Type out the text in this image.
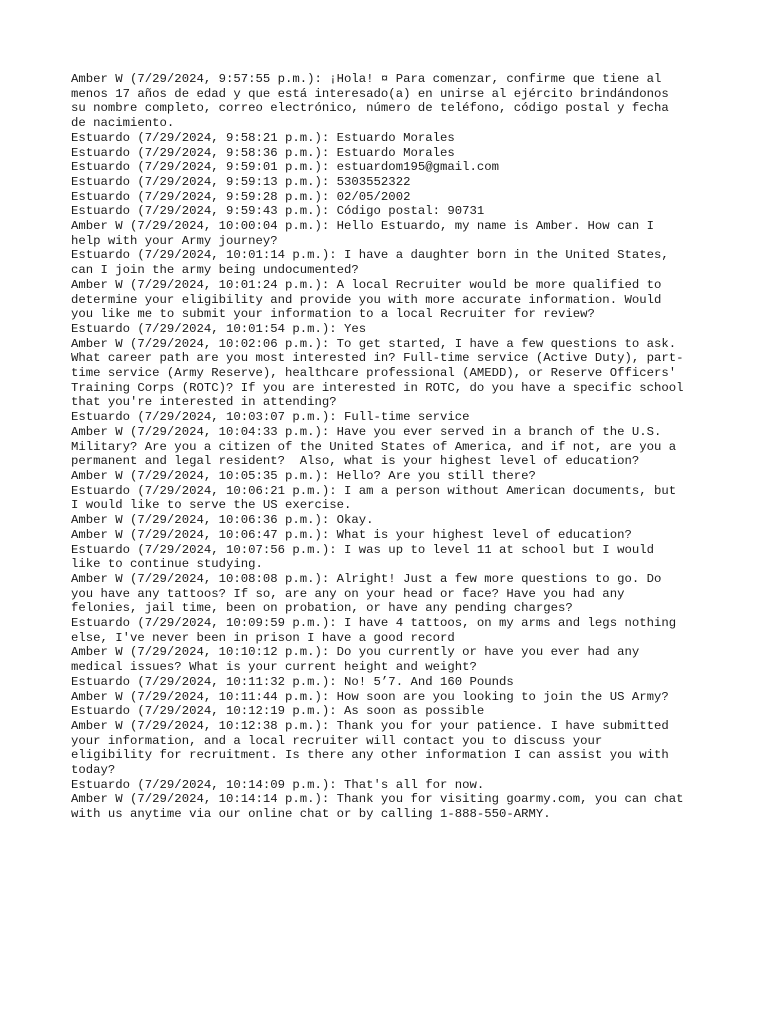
Amber W (7/29/2024, 9:57:55 p.m.): ¡Hola! ¤ Para comenzar, confirme que tiene al
menos 17 años de edad y que está interesado(a) en unirse al ejército brindándonos
su nombre completo, correo electrónico, número de teléfono, código postal y fecha
de nacimiento.

Estuardo (7/29/2024, 9:58:21 p.m.): Estuardo Morales

Estuardo (7/29/2024, 9:58:36 p.m.): Estuardo Morales

Estuardo (7/29/2024, 9:59:01 p.m.): estuardom195@gmail.com

Estuardo (7/29/2024, 9:59:13 p.m.): 5303552322

Estuardo (7/29/2024, 9:59:28 p.m.): 02/05/2002

Estuardo (7/29/2024, 9:59:43 p.m.): Código postal: 90731

Amber W (7/29/2024, 10:00:04 p.m.): Hello Estuardo, my name is Amber. How can I
help with your Army journey?

Estuardo (7/29/2024, 10:01:14 p.m.): I have a daughter born in the United States,
can I join the army being undocumented?

Amber W (7/29/2024, 10:01:24 p.m.): A local Recruiter would be more qualified to
determine your eligibility and provide you with more accurate information. Would
you like me to submit your information to a local Recruiter for review?

Estuardo (7/29/2024, 10:01:54 p.m.): Yes

Amber W (7/29/2024, 10:02:06 p.m.): To get started, I have a few questions to ask.
What career path are you most interested in? Full-time service (Active Duty), part-
time service (Army Reserve), healthcare professional (AMEDD), or Reserve Officers'
Training Corps (ROTC)? If you are interested in ROTC, do you have a specific school
that you're interested in attending?

Estuardo (7/29/2024, 10:03:07 p.m.): Full-time service

Amber W (7/29/2024, 10:04:33 p.m.): Have you ever served in a branch of the U.S.
Military? Are you a citizen of the United States of America, and if not, are you a
permanent and legal resident?  Also, what is your highest level of education?

Amber W (7/29/2024, 10:05:35 p.m.): Hello? Are you still there?

Estuardo (7/29/2024, 10:06:21 p.m.): I am a person without American documents, but
I would like to serve the US exercise.

Amber W (7/29/2024, 10:06:36 p.m.): Okay.

Amber W (7/29/2024, 10:06:47 p.m.): What is your highest level of education?

Estuardo (7/29/2024, 10:07:56 p.m.): I was up to level 11 at school but I would
like to continue studying.

Amber W (7/29/2024, 10:08:08 p.m.): Alright! Just a few more questions to go. Do
you have any tattoos? If so, are any on your head or face? Have you had any
felonies, jail time, been on probation, or have any pending charges?

Estuardo (7/29/2024, 10:09:59 p.m.): I have 4 tattoos, on my arms and legs nothing
else, I've never been in prison I have a good record

Amber W (7/29/2024, 10:10:12 p.m.): Do you currently or have you ever had any
medical issues? What is your current height and weight?

Estuardo (7/29/2024, 10:11:32 p.m.): No! 5’7. And 160 Pounds

Amber W (7/29/2024, 10:11:44 p.m.): How soon are you looking to join the US Army?

Estuardo (7/29/2024, 10:12:19 p.m.): As soon as possible

Amber W (7/29/2024, 10:12:38 p.m.): Thank you for your patience. I have submitted
your information, and a local recruiter will contact you to discuss your
eligibility for recruitment. Is there any other information I can assist you with
today?

Estuardo (7/29/2024, 10:14:09 p.m.): That's all for now.

Amber W (7/29/2024, 10:14:14 p.m.): Thank you for visiting goarmy.com, you can chat
with us anytime via our online chat or by calling 1-888-550-ARMY.
